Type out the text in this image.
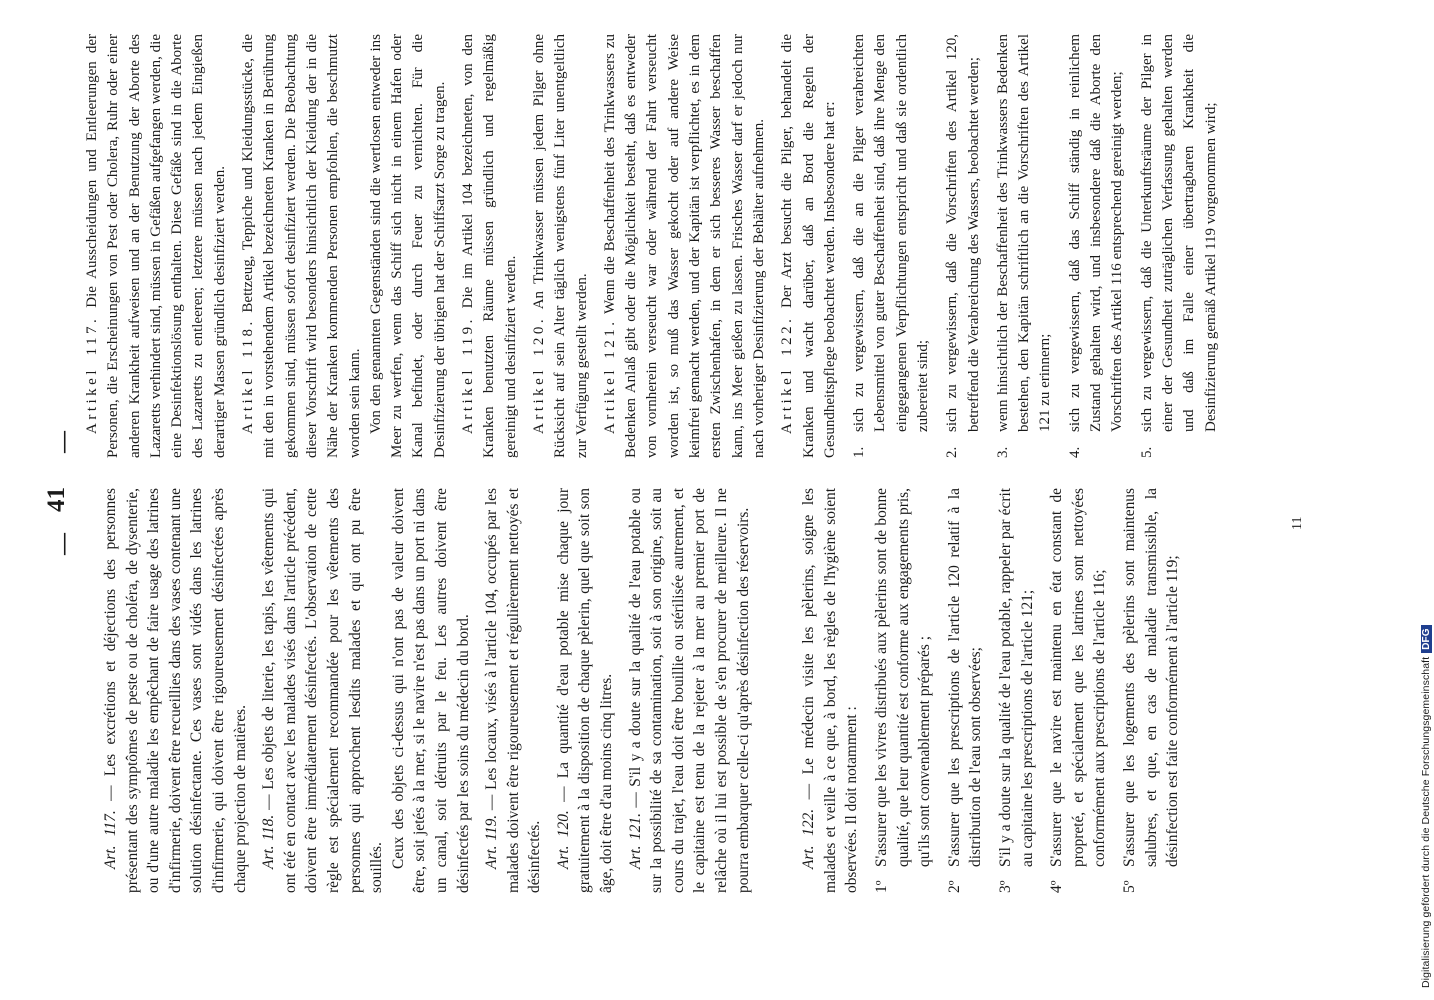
—
41
—

Art. 117. — Les excrétions et déjections des personnes présentant des symptômes de peste ou de choléra, de dysenterie, ou d'une autre maladie les empêchant de faire usage des latrines d'infirmerie, doivent être recueillies dans des vases contenant une solution désinfectante. Ces vases sont vidés dans les latrines d'infirmerie, qui doivent être rigoureusement désinfectées après chaque projection de matières. Art. 118. — Les objets de literie, les tapis, les vêtements qui ont été en contact avec les malades visés dans l'article précédent, doivent être immédiatement désinfectés. L'observation de cette règle est spécialement recommandée pour les vêtements des personnes qui approchent lesdits malades et qui ont pu être souillés. Ceux des objets ci-dessus qui n'ont pas de valeur doivent être, soit jetés à la mer, si le navire n'est pas dans un port ni dans un canal, soit détruits par le feu. Les autres doivent être désinfectés par les soins du médecin du bord. Art. 119. — Les locaux, visés à l'article 104, occupés par les malades doivent être rigoureusement et régulièrement nettoyés et désinfectés. Art. 120. — La quantité d'eau potable mise chaque jour gratuitement à la disposition de chaque pèlerin, quel que soit son âge, doit être d'au moins cinq litres. Art. 121. — S'il y a doute sur la qualité de l'eau potable ou sur la possibilité de sa contamination, soit à son origine, soit au cours du trajet, l'eau doit être bouillie ou stérilisée autrement, et le capitaine est tenu de la rejeter à la mer au premier port de relâche où il lui est possible de s'en procurer de meilleure. Il ne pourra embarquer celle-ci qu'après désinfection des réservoirs.	Art. 122. — Le médecin visite les pèlerins, soigne les malades et veille à ce que, à bord, les règles de l'hygiène soient observées. Il doit notamment : 1º
S'assurer que les vivres distribués aux pèlerins sont de bonne qualité, que leur quantité est conforme aux engagements pris, qu'ils sont convenablement préparés ;
2º
S'assurer que les prescriptions de l'article 120 relatif à la distribution de l'eau sont observées;
3º
S'il y a doute sur la qualité de l'eau potable, rappeler par écrit au capitaine les prescriptions de l'article 121;
4º
S'assurer que le navire est maintenu en état constant de propreté, et spécialement que les latrines sont nettoyées conformément aux prescriptions de l'article 116;
5º
S'assurer que les logements des pèlerins sont maintenus salubres, et que, en cas de maladie transmissible, la désinfection est faite conformément à l'article 119;

Artikel 117. Die Ausscheidungen und Entleerungen der Personen, die Erscheinungen von Pest oder Cholera, Ruhr oder einer anderen Krankheit aufweisen und an der Benutzung der Aborte des Lazaretts verhindert sind, müssen in Gefäßen aufgefangen werden, die eine Desinfektionslösung enthalten. Diese Gefäße sind in die Aborte des Lazaretts zu entleeren; letztere müssen nach jedem Eingießen derartiger Massen gründlich desinfiziert werden. Artikel 118. Bettzeug, Teppiche und Kleidungsstücke, die mit den in vorstehendem Artikel bezeichneten Kranken in Berührung gekommen sind, müssen sofort desinfiziert werden. Die Beobachtung dieser Vorschrift wird besonders hinsichtlich der Kleidung der in die Nähe der Kranken kommenden Personen empfohlen, die beschmutzt worden sein kann. Von den genannten Gegenständen sind die wertlosen entweder ins Meer zu werfen, wenn das Schiff sich nicht in einem Hafen oder Kanal befindet, oder durch Feuer zu vernichten. Für die Desinfizierung der übrigen hat der Schiffsarzt Sorge zu tragen. Artikel 119. Die im Artikel 104 bezeichneten, von den Kranken benutzten Räume müssen gründlich und regelmäßig gereinigt und desinfiziert werden. Artikel 120. An Trinkwasser müssen jedem Pilger ohne Rücksicht auf sein Alter täglich wenigstens fünf Liter unentgeltlich zur Verfügung gestellt werden. Artikel 121. Wenn die Beschaffenheit des Trinkwassers zu Bedenken Anlaß gibt oder die Möglichkeit besteht, daß es entweder von vornherein verseucht war oder während der Fahrt verseucht worden ist, so muß das Wasser gekocht oder auf andere Weise keimfrei gemacht werden, und der Kapitän ist verpflichtet, es in dem ersten Zwischenhafen, in dem er sich besseres Wasser beschaffen kann, ins Meer gießen zu lassen. Frisches Wasser darf er jedoch nur nach vorheriger Desinfizierung der Behälter aufnehmen. Artikel 122. Der Arzt besucht die Pilger, behandelt die Kranken und wacht darüber, daß an Bord die Regeln der Gesundheitspflege beobachtet werden. Insbesondere hat er: 1.
sich zu vergewissern, daß die an die Pilger verabreichten Lebensmittel von guter Beschaffenheit sind, daß ihre Menge den eingegangenen Verpflichtungen entspricht und daß sie ordentlich zubereitet sind;
2.
sich zu vergewissern, daß die Vorschriften des Artikel 120, betreffend die Verabreichung des Wassers, beobachtet werden;
3.
wenn hinsichtlich der Beschaffenheit des Trinkwassers Bedenken bestehen, den Kapitän schriftlich an die Vorschriften des Artikel 121 zu erinnern;
4.
sich zu vergewissern, daß das Schiff ständig in reinlichem Zustand gehalten wird, und insbesondere daß die Aborte den Vorschriften des Artikel 116 entsprechend gereinigt werden;
5.
sich zu vergewissern, daß die Unterkunftsräume der Pilger in einer der Gesundheit zuträglichen Verfassung gehalten werden und daß im Falle einer übertragbaren Krankheit die Desinfizierung gemäß Artikel 119 vorgenommen wird;
11
Digitalisierung gefördert durch die Deutsche ForschungsgemeinschaftDFG
